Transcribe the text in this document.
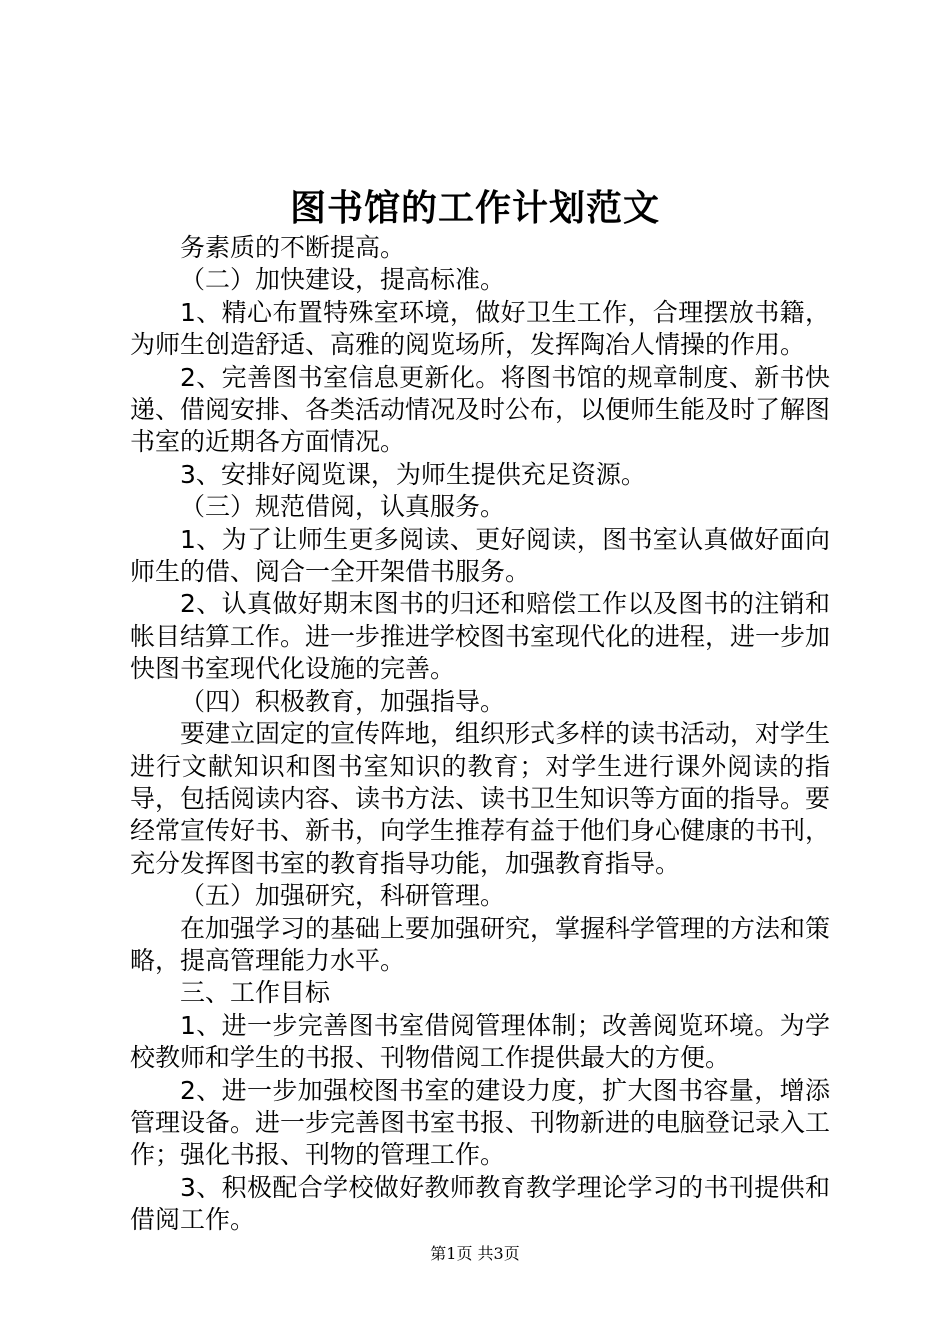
图书馆的工作计划范文

务素质的不断提高。

（二）加快建设，提高标准。

1、精心布置特殊室环境，做好卫生工作，合理摆放书籍，为师生创造舒适、高雅的阅览场所，发挥陶冶人情操的作用。

2、完善图书室信息更新化。将图书馆的规章制度、新书快递、借阅安排、各类活动情况及时公布，以便师生能及时了解图书室的近期各方面情况。

3、安排好阅览课，为师生提供充足资源。

（三）规范借阅，认真服务。

1、为了让师生更多阅读、更好阅读，图书室认真做好面向师生的借、阅合一全开架借书服务。

2、认真做好期末图书的归还和赔偿工作以及图书的注销和帐目结算工作。进一步推进学校图书室现代化的进程，进一步加快图书室现代化设施的完善。

（四）积极教育，加强指导。

要建立固定的宣传阵地，组织形式多样的读书活动，对学生进行文献知识和图书室知识的教育；对学生进行课外阅读的指导，包括阅读内容、读书方法、读书卫生知识等方面的指导。要经常宣传好书、新书，向学生推荐有益于他们身心健康的书刊，充分发挥图书室的教育指导功能，加强教育指导。

（五）加强研究，科研管理。

在加强学习的基础上要加强研究，掌握科学管理的方法和策略，提高管理能力水平。

三、工作目标

1、进一步完善图书室借阅管理体制；改善阅览环境。为学校教师和学生的书报、刊物借阅工作提供最大的方便。

2、进一步加强校图书室的建设力度，扩大图书容量，增添管理设备。进一步完善图书室书报、刊物新进的电脑登记录入工作；强化书报、刊物的管理工作。

3、积极配合学校做好教师教育教学理论学习的书刊提供和借阅工作。

第1页 共3页
